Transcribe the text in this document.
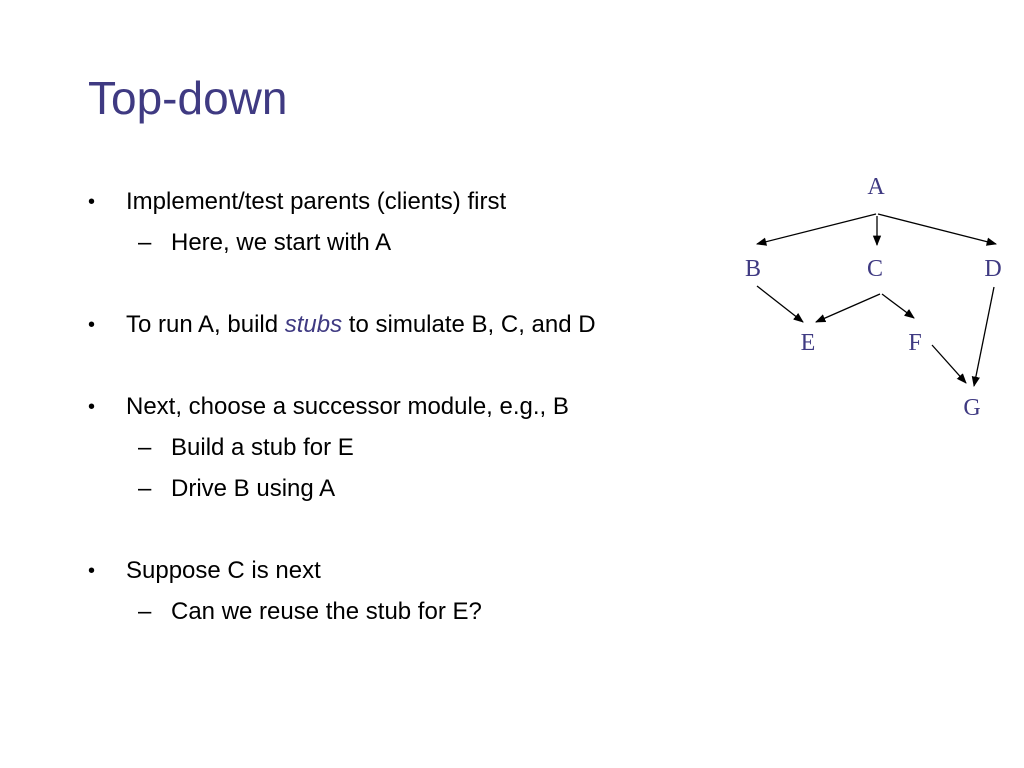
Top-down
• Implement/test parents (clients) first
– Here, we start with A
• To run A, build stubs to simulate B, C, and D
• Next, choose a successor module, e.g., B
– Build a stub for E
– Drive B using A
• Suppose C is next
– Can we reuse the stub for E?
A
B	C	D
E	F
G
